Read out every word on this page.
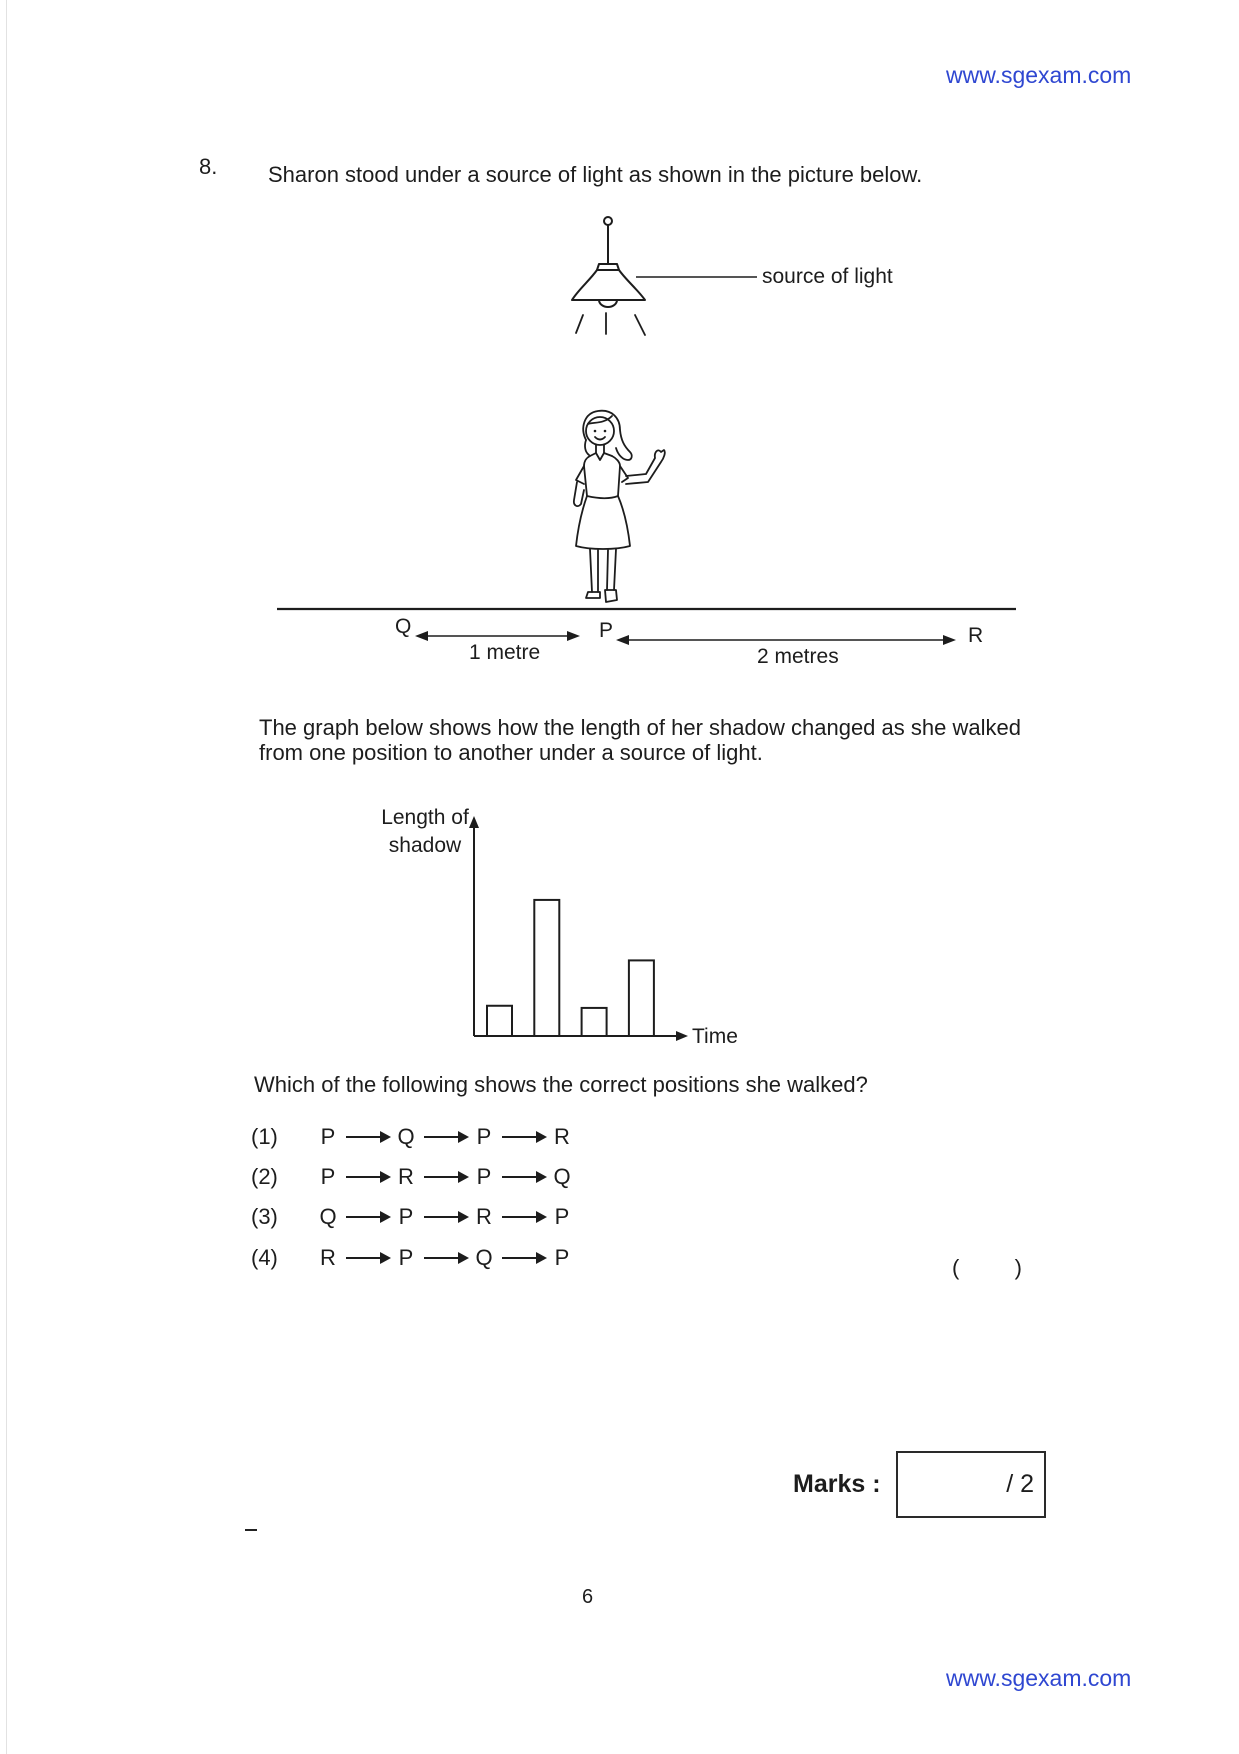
www.sgexam.com
8. Sharon stood under a source of light as shown in the picture below.
source of light
Q	P	R
1 metre	2 metres
The graph below shows how the length of her shadow changed as she walked
from one position to another under a source of light.
Length of shadow
Time
Which of the following shows the correct positions she walked?
(1) P	Q	P	R
(2) P	R	P	Q
(3) Q	P	R	P
(4) R	P	Q	P	(	)
Marks :	/ 2
6
www.sgexam.com
